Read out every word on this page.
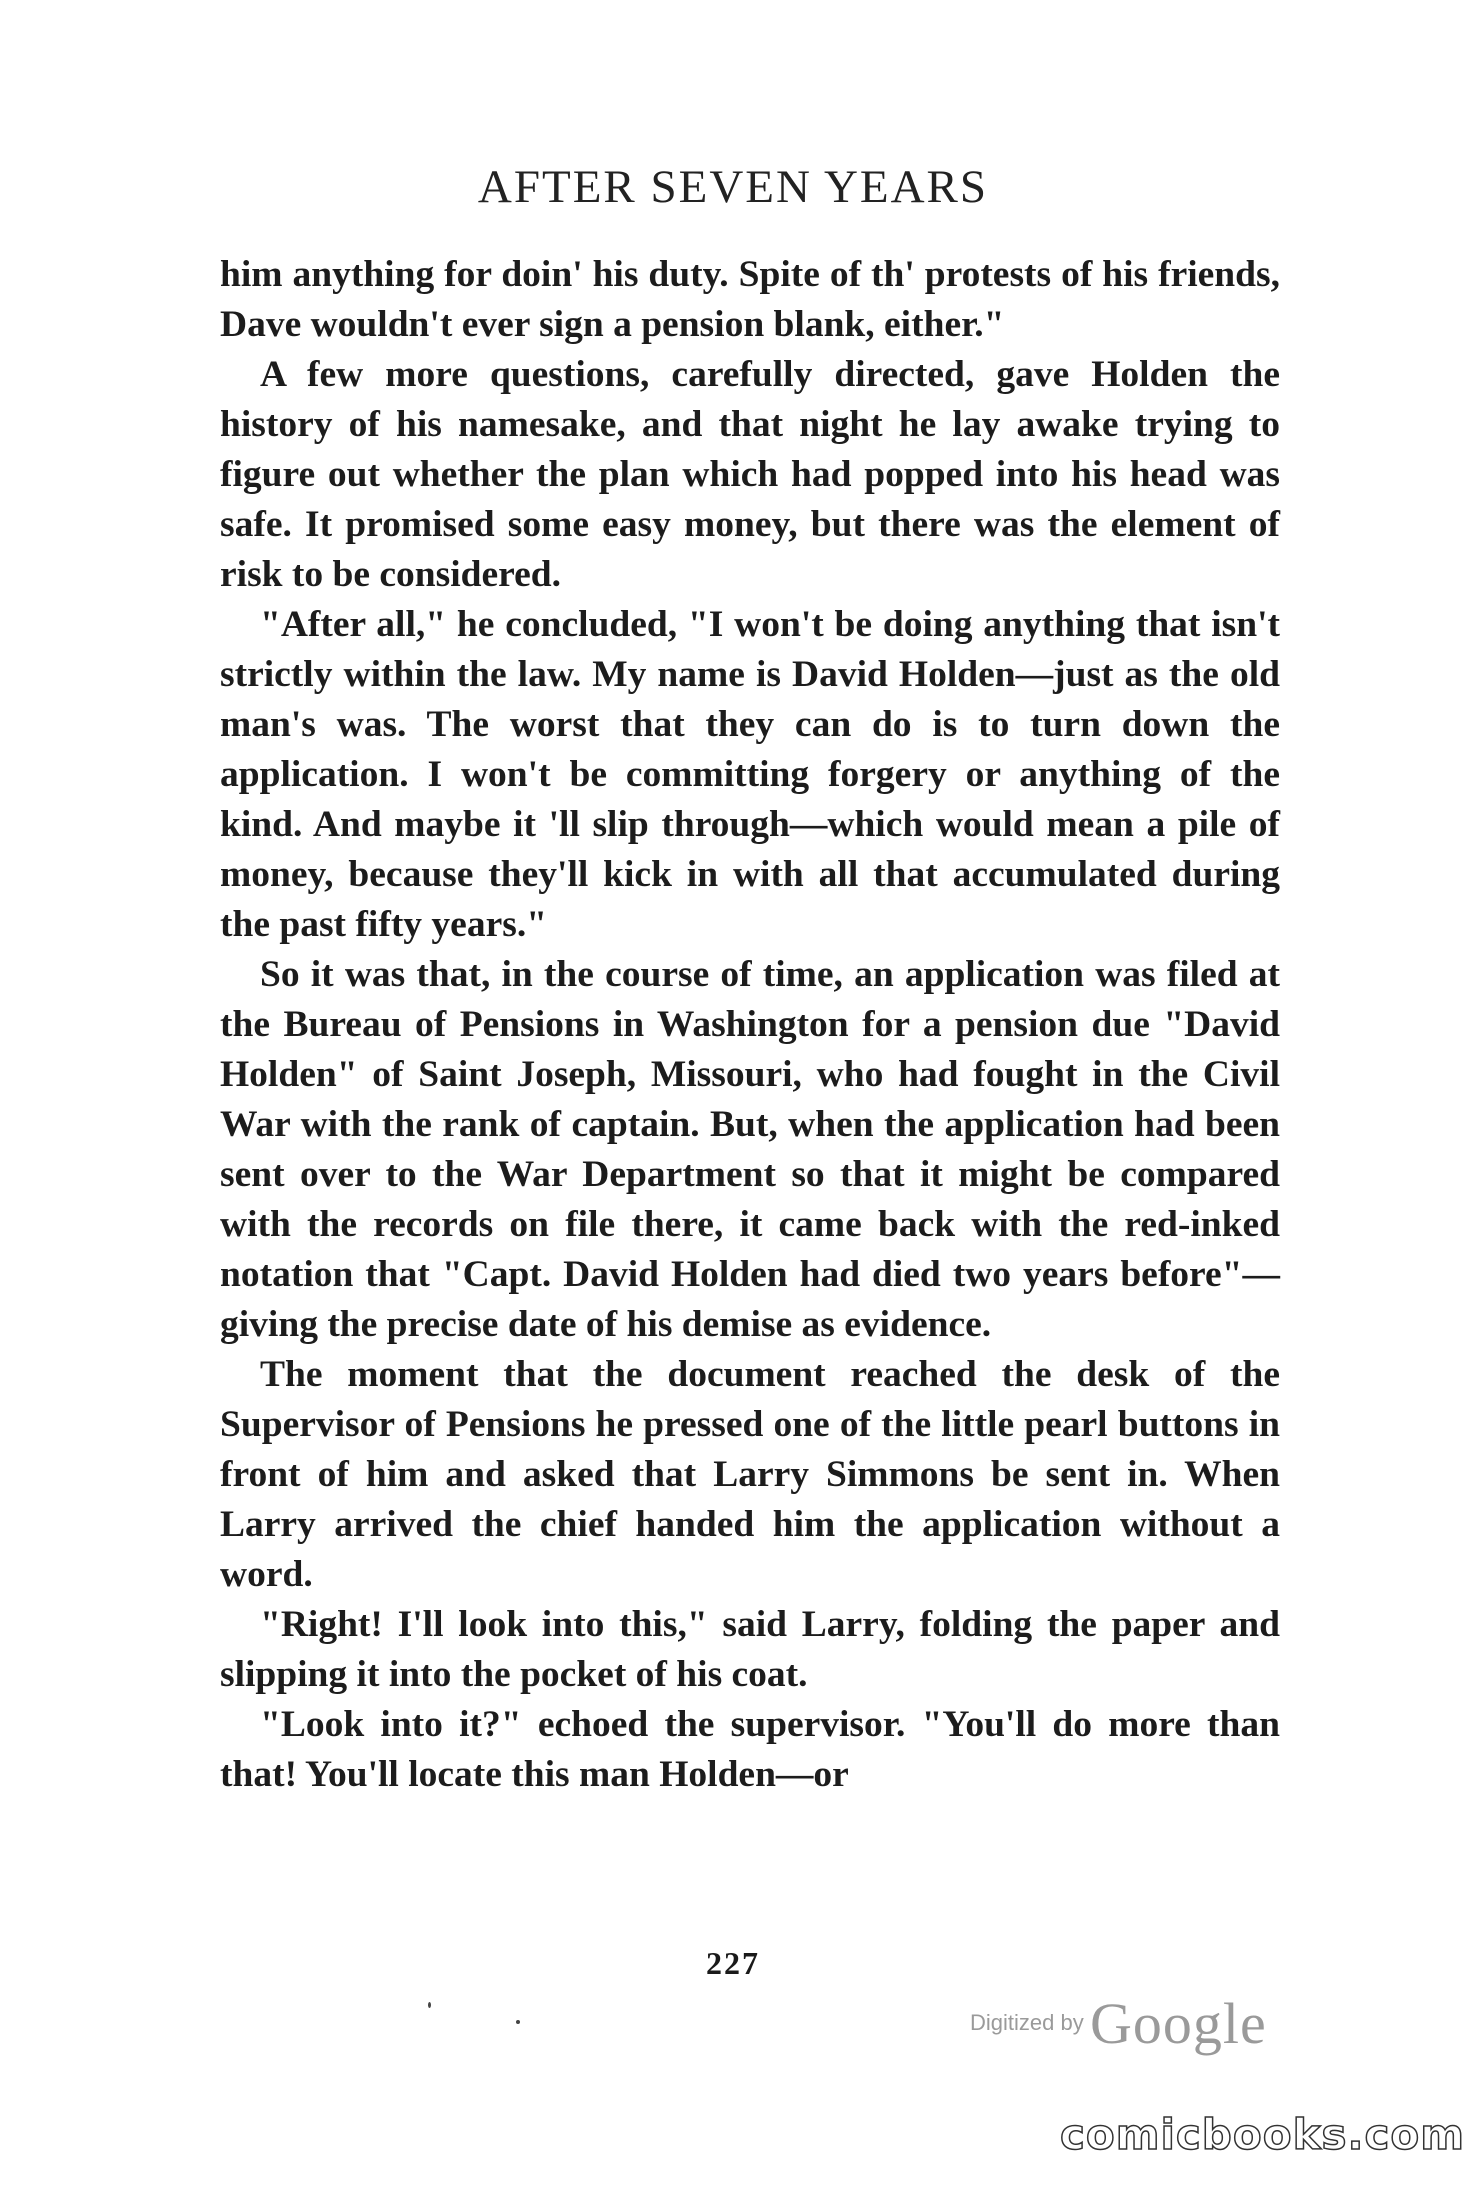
AFTER SEVEN YEARS

him anything for doin' his duty. Spite of th' protests of his friends, Dave wouldn't ever sign a pension blank, either."

A few more questions, carefully directed, gave Holden the history of his namesake, and that night he lay awake trying to figure out whether the plan which had popped into his head was safe. It promised some easy money, but there was the element of risk to be considered.

"After all," he concluded, "I won't be doing anything that isn't strictly within the law. My name is David Holden—just as the old man's was. The worst that they can do is to turn down the application. I won't be committing forgery or anything of the kind. And maybe it 'll slip through—which would mean a pile of money, because they'll kick in with all that accumulated during the past fifty years."

So it was that, in the course of time, an application was filed at the Bureau of Pensions in Washington for a pension due "David Holden" of Saint Joseph, Missouri, who had fought in the Civil War with the rank of captain. But, when the application had been sent over to the War Department so that it might be compared with the records on file there, it came back with the red-inked notation that "Capt. David Holden had died two years before"—giving the precise date of his demise as evidence.

The moment that the document reached the desk of the Supervisor of Pensions he pressed one of the little pearl buttons in front of him and asked that Larry Simmons be sent in. When Larry arrived the chief handed him the application without a word.

"Right! I'll look into this," said Larry, folding the paper and slipping it into the pocket of his coat.

"Look into it?" echoed the supervisor. "You'll do more than that! You'll locate this man Holden—or

227
Digitized by Google
comicbooks.com
